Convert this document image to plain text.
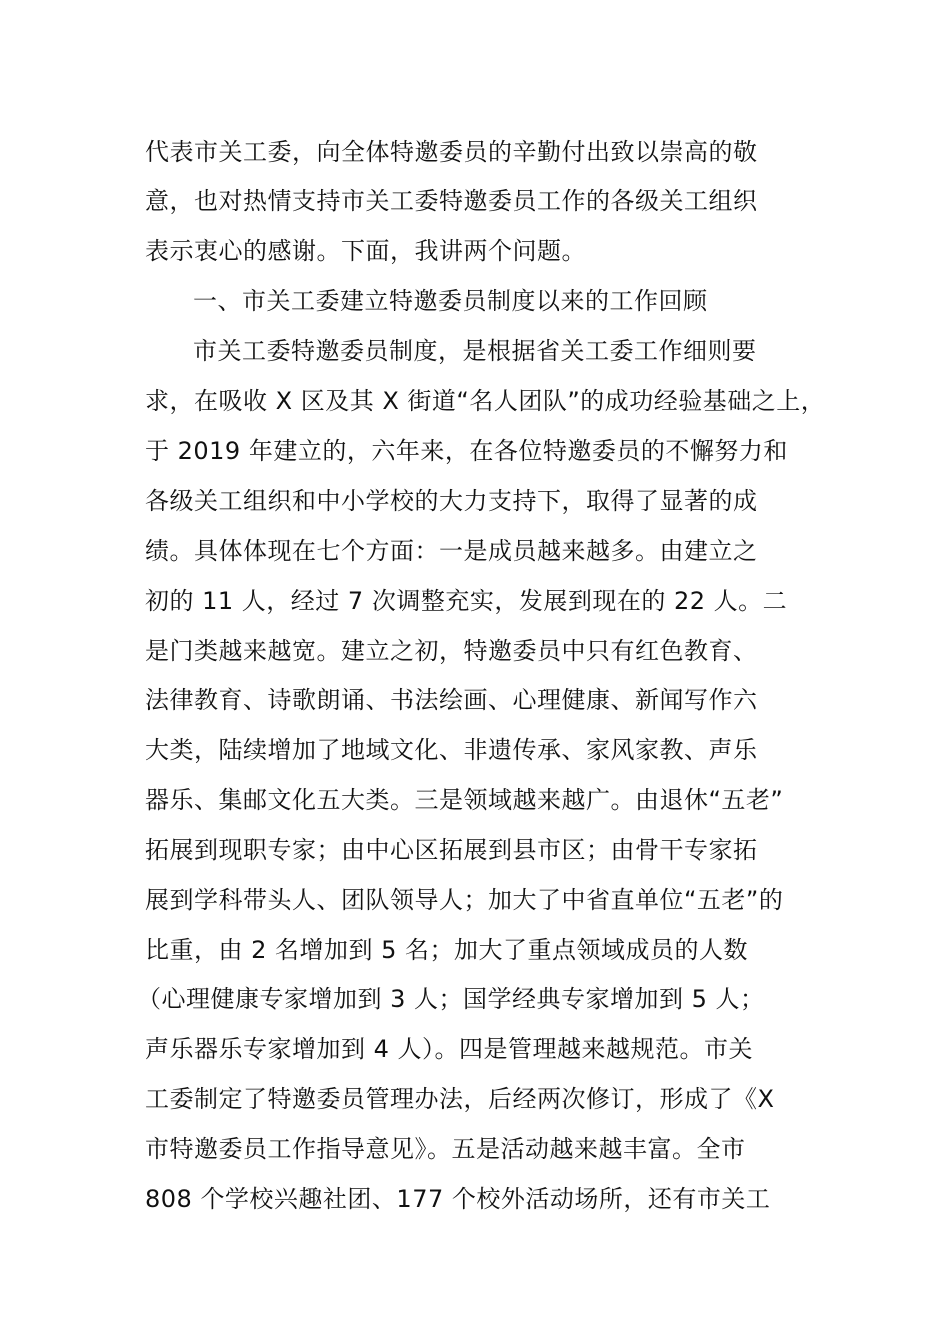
代表市关工委，向全体特邀委员的辛勤付出致以崇高的敬
意，也对热情支持市关工委特邀委员工作的各级关工组织
表示衷心的感谢。下面，我讲两个问题。
一、市关工委建立特邀委员制度以来的工作回顾
市关工委特邀委员制度，是根据省关工委工作细则要
求，在吸收 X 区及其 X 街道“名人团队”的成功经验基础之上，
于 2019 年建立的，六年来，在各位特邀委员的不懈努力和
各级关工组织和中小学校的大力支持下，取得了显著的成
绩。具体体现在七个方面：一是成员越来越多。由建立之
初的 11 人，经过 7 次调整充实，发展到现在的 22 人。二
是门类越来越宽。建立之初，特邀委员中只有红色教育、
法律教育、诗歌朗诵、书法绘画、心理健康、新闻写作六
大类，陆续增加了地域文化、非遗传承、家风家教、声乐
器乐、集邮文化五大类。三是领域越来越广。由退休“五老”
拓展到现职专家；由中心区拓展到县市区；由骨干专家拓
展到学科带头人、团队领导人；加大了中省直单位“五老”的
比重，由 2 名增加到 5 名；加大了重点领域成员的人数
（心理健康专家增加到 3 人；国学经典专家增加到 5 人；
声乐器乐专家增加到 4 人）。四是管理越来越规范。市关
工委制定了特邀委员管理办法，后经两次修订，形成了《X
市特邀委员工作指导意见》。五是活动越来越丰富。全市
808 个学校兴趣社团、177 个校外活动场所，还有市关工
